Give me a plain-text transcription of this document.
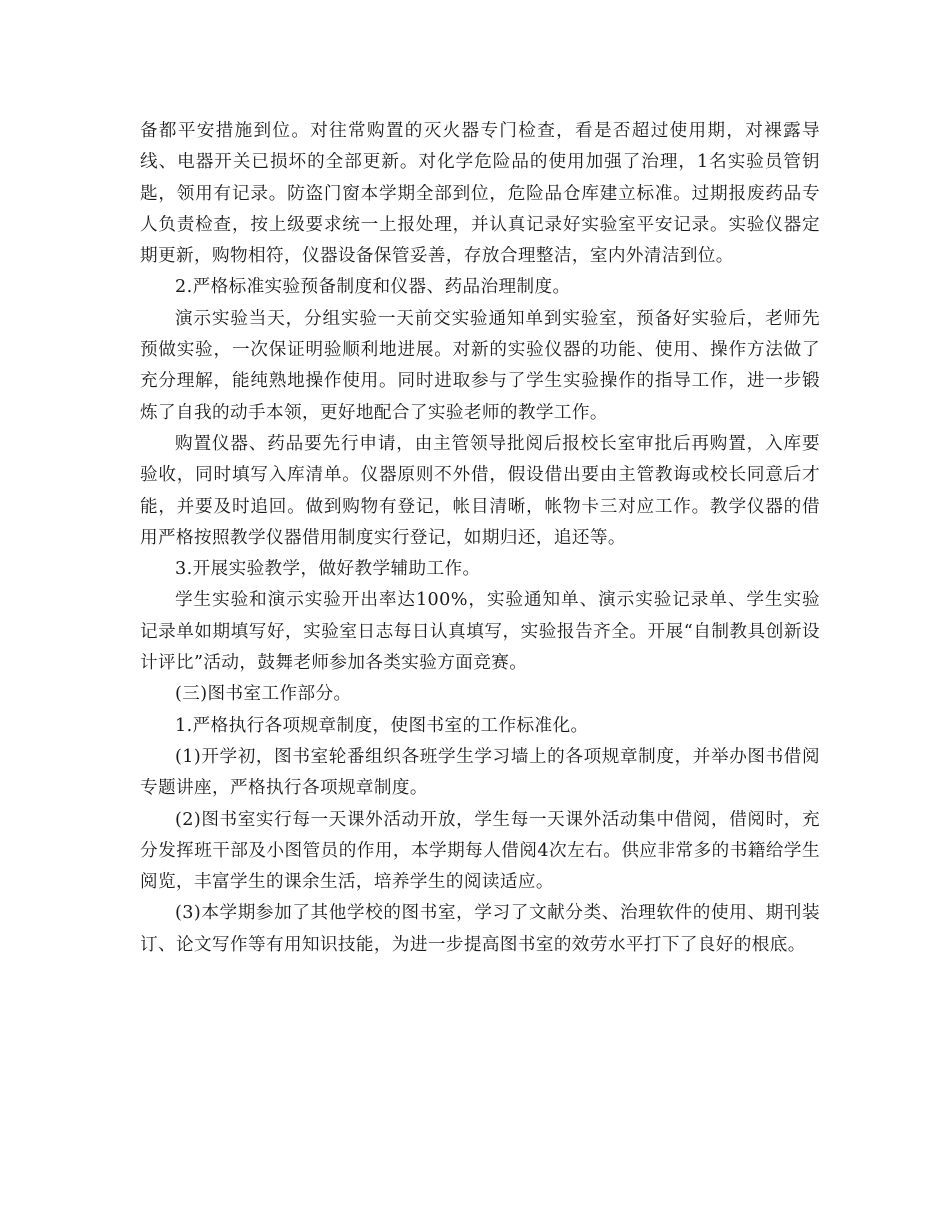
备都平安措施到位。对往常购置的灭火器专门检查，看是否超过使用期，对裸露导线、电器开关已损坏的全部更新。对化学危险品的使用加强了治理，1名实验员管钥匙，领用有记录。防盗门窗本学期全部到位，危险品仓库建立标准。过期报废药品专人负责检查，按上级要求统一上报处理，并认真记录好实验室平安记录。实验仪器定期更新，购物相符，仪器设备保管妥善，存放合理整洁，室内外清洁到位。

2.严格标准实验预备制度和仪器、药品治理制度。

演示实验当天，分组实验一天前交实验通知单到实验室，预备好实验后，老师先预做实验，一次保证明验顺利地进展。对新的实验仪器的功能、使用、操作方法做了充分理解，能纯熟地操作使用。同时进取参与了学生实验操作的指导工作，进一步锻炼了自我的动手本领，更好地配合了实验老师的教学工作。

购置仪器、药品要先行申请，由主管领导批阅后报校长室审批后再购置，入库要验收，同时填写入库清单。仪器原则不外借，假设借出要由主管教诲或校长同意后才能，并要及时追回。做到购物有登记，帐目清晰，帐物卡三对应工作。教学仪器的借用严格按照教学仪器借用制度实行登记，如期归还，追还等。

3.开展实验教学，做好教学辅助工作。

学生实验和演示实验开出率达100%，实验通知单、演示实验记录单、学生实验记录单如期填写好，实验室日志每日认真填写，实验报告齐全。开展“自制教具创新设计评比”活动，鼓舞老师参加各类实验方面竞赛。

(三)图书室工作部分。

1.严格执行各项规章制度，使图书室的工作标准化。

(1)开学初，图书室轮番组织各班学生学习墙上的各项规章制度，并举办图书借阅专题讲座，严格执行各项规章制度。

(2)图书室实行每一天课外活动开放，学生每一天课外活动集中借阅，借阅时，充分发挥班干部及小图管员的作用，本学期每人借阅4次左右。供应非常多的书籍给学生阅览，丰富学生的课余生活，培养学生的阅读适应。

(3)本学期参加了其他学校的图书室，学习了文献分类、治理软件的使用、期刊装订、论文写作等有用知识技能，为进一步提高图书室的效劳水平打下了良好的根底。
